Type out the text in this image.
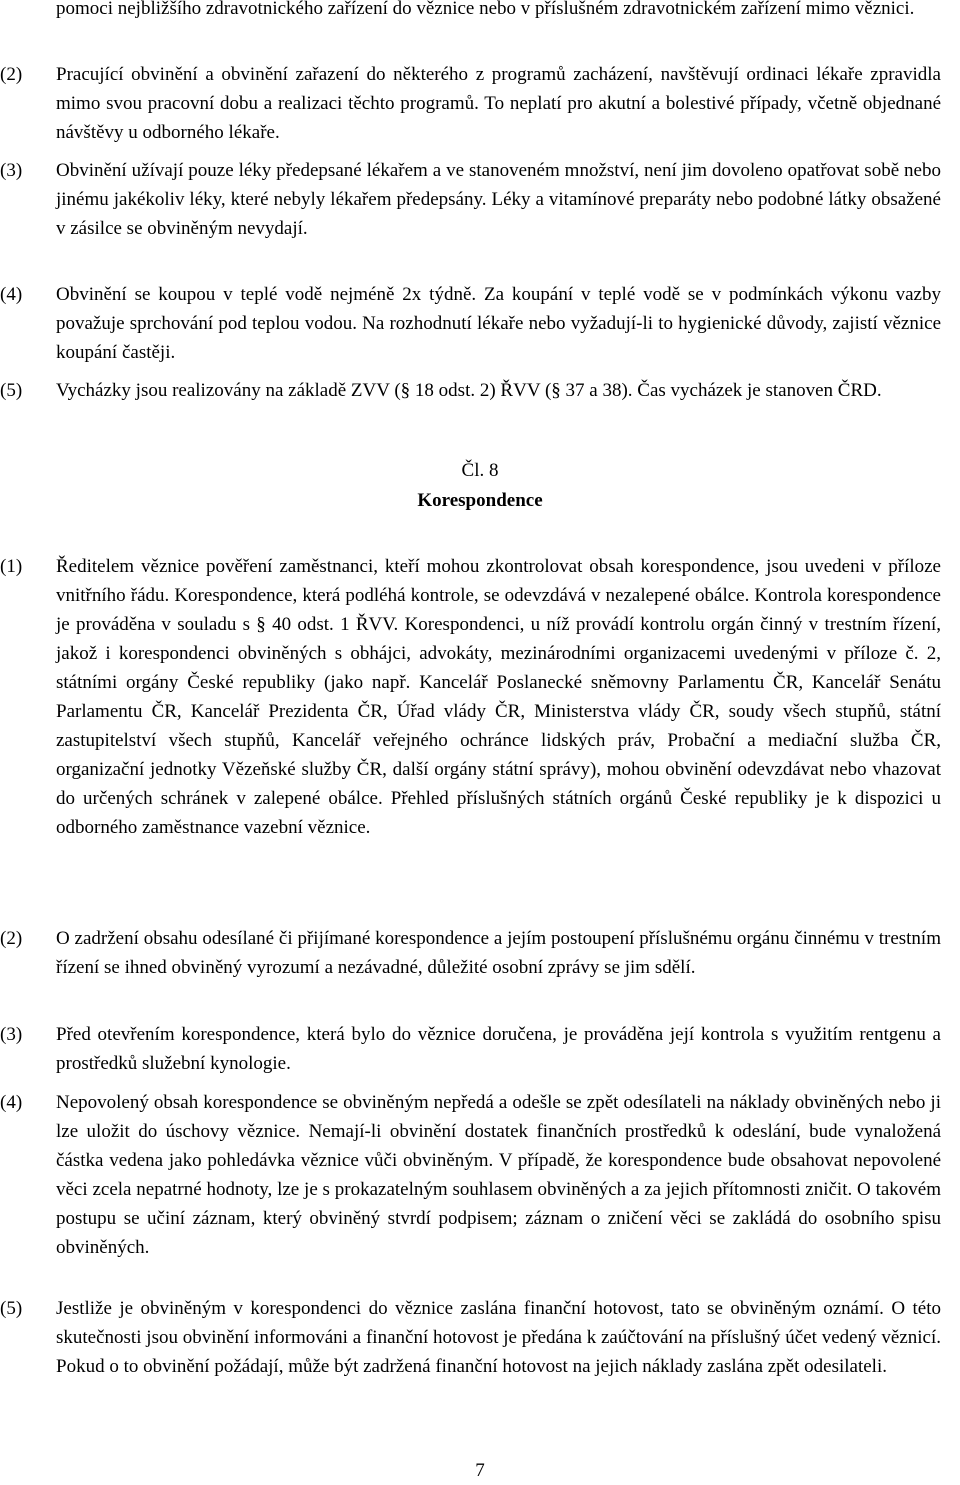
pomoci nejbližšího zdravotnického zařízení do věznice nebo v příslušném zdravotnickém zařízení mimo věznici.
(2)	Pracující obvinění a obvinění zařazení do některého z programů zacházení, navštěvují ordinaci lékaře zpravidla mimo svou pracovní dobu a realizaci těchto programů. To neplatí pro akutní a bolestivé případy, včetně objednané návštěvy u odborného lékaře.
(3)	Obvinění užívají pouze léky předepsané lékařem a ve stanoveném množství, není jim dovoleno opatřovat sobě nebo jinému jakékoliv léky, které nebyly lékařem předepsány. Léky a vitamínové preparáty nebo podobné látky obsažené v zásilce se obviněným nevydají.
(4)	Obvinění se koupou v teplé vodě nejméně 2x týdně. Za koupání v teplé vodě se v podmínkách výkonu vazby považuje sprchování pod teplou vodou. Na rozhodnutí lékaře nebo vyžadují-li to hygienické důvody, zajistí věznice koupání častěji.
(5)	Vycházky jsou realizovány na základě ZVV (§ 18 odst. 2) ŘVV (§ 37 a 38). Čas vycházek je stanoven ČRD.
Čl. 8
Korespondence
(1)	Ředitelem věznice pověření zaměstnanci, kteří mohou zkontrolovat obsah korespondence, jsou uvedeni v příloze vnitřního řádu. Korespondence, která podléhá kontrole, se odevzdává v nezalepené obálce. Kontrola korespondence je prováděna v souladu s § 40 odst. 1 ŘVV. Korespondenci, u níž provádí kontrolu orgán činný v trestním řízení, jakož i korespondenci obviněných s obhájci, advokáty, mezinárodními organizacemi uvedenými v příloze č. 2, státními orgány České republiky (jako např. Kancelář Poslanecké sněmovny Parlamentu ČR, Kancelář Senátu Parlamentu ČR, Kancelář Prezidenta ČR, Úřad vlády ČR, Ministerstva vlády ČR, soudy všech stupňů, státní zastupitelství všech stupňů, Kancelář veřejného ochránce lidských práv, Probační a mediační služba ČR, organizační jednotky Vězeňské služby ČR, další orgány státní správy), mohou obvinění odevzdávat nebo vhazovat do určených schránek v zalepené obálce. Přehled příslušných státních orgánů České republiky je k dispozici u odborného zaměstnance vazební věznice.
(2)	O zadržení obsahu odesílané či přijímané korespondence a jejím postoupení příslušnému orgánu činnému v trestním řízení se ihned obviněný vyrozumí a nezávadné, důležité osobní zprávy se jim sdělí.
(3)	Před otevřením korespondence, která bylo do věznice doručena, je prováděna její kontrola s využitím rentgenu a prostředků služební kynologie.
(4)	Nepovolený obsah korespondence se obviněným nepředá a odešle se zpět odesílateli na náklady obviněných nebo ji lze uložit do úschovy věznice. Nemají-li obvinění dostatek finančních prostředků k odeslání, bude vynaložená částka vedena jako pohledávka věznice vůči obviněným. V případě, že korespondence bude obsahovat nepovolené věci zcela nepatrné hodnoty, lze je s prokazatelným souhlasem obviněných a za jejich přítomnosti zničit. O takovém postupu se učiní záznam, který obviněný stvrdí podpisem; záznam o zničení věci se zakládá do osobního spisu obviněných.
(5)	Jestliže je obviněným v korespondenci do věznice zaslána finanční hotovost, tato se obviněným oznámí. O této skutečnosti jsou obvinění informováni a finanční hotovost je předána k zaúčtování na příslušný účet vedený věznicí. Pokud o to obvinění požádají, může být zadržená finanční hotovost na jejich náklady zaslána zpět odesilateli.
7
